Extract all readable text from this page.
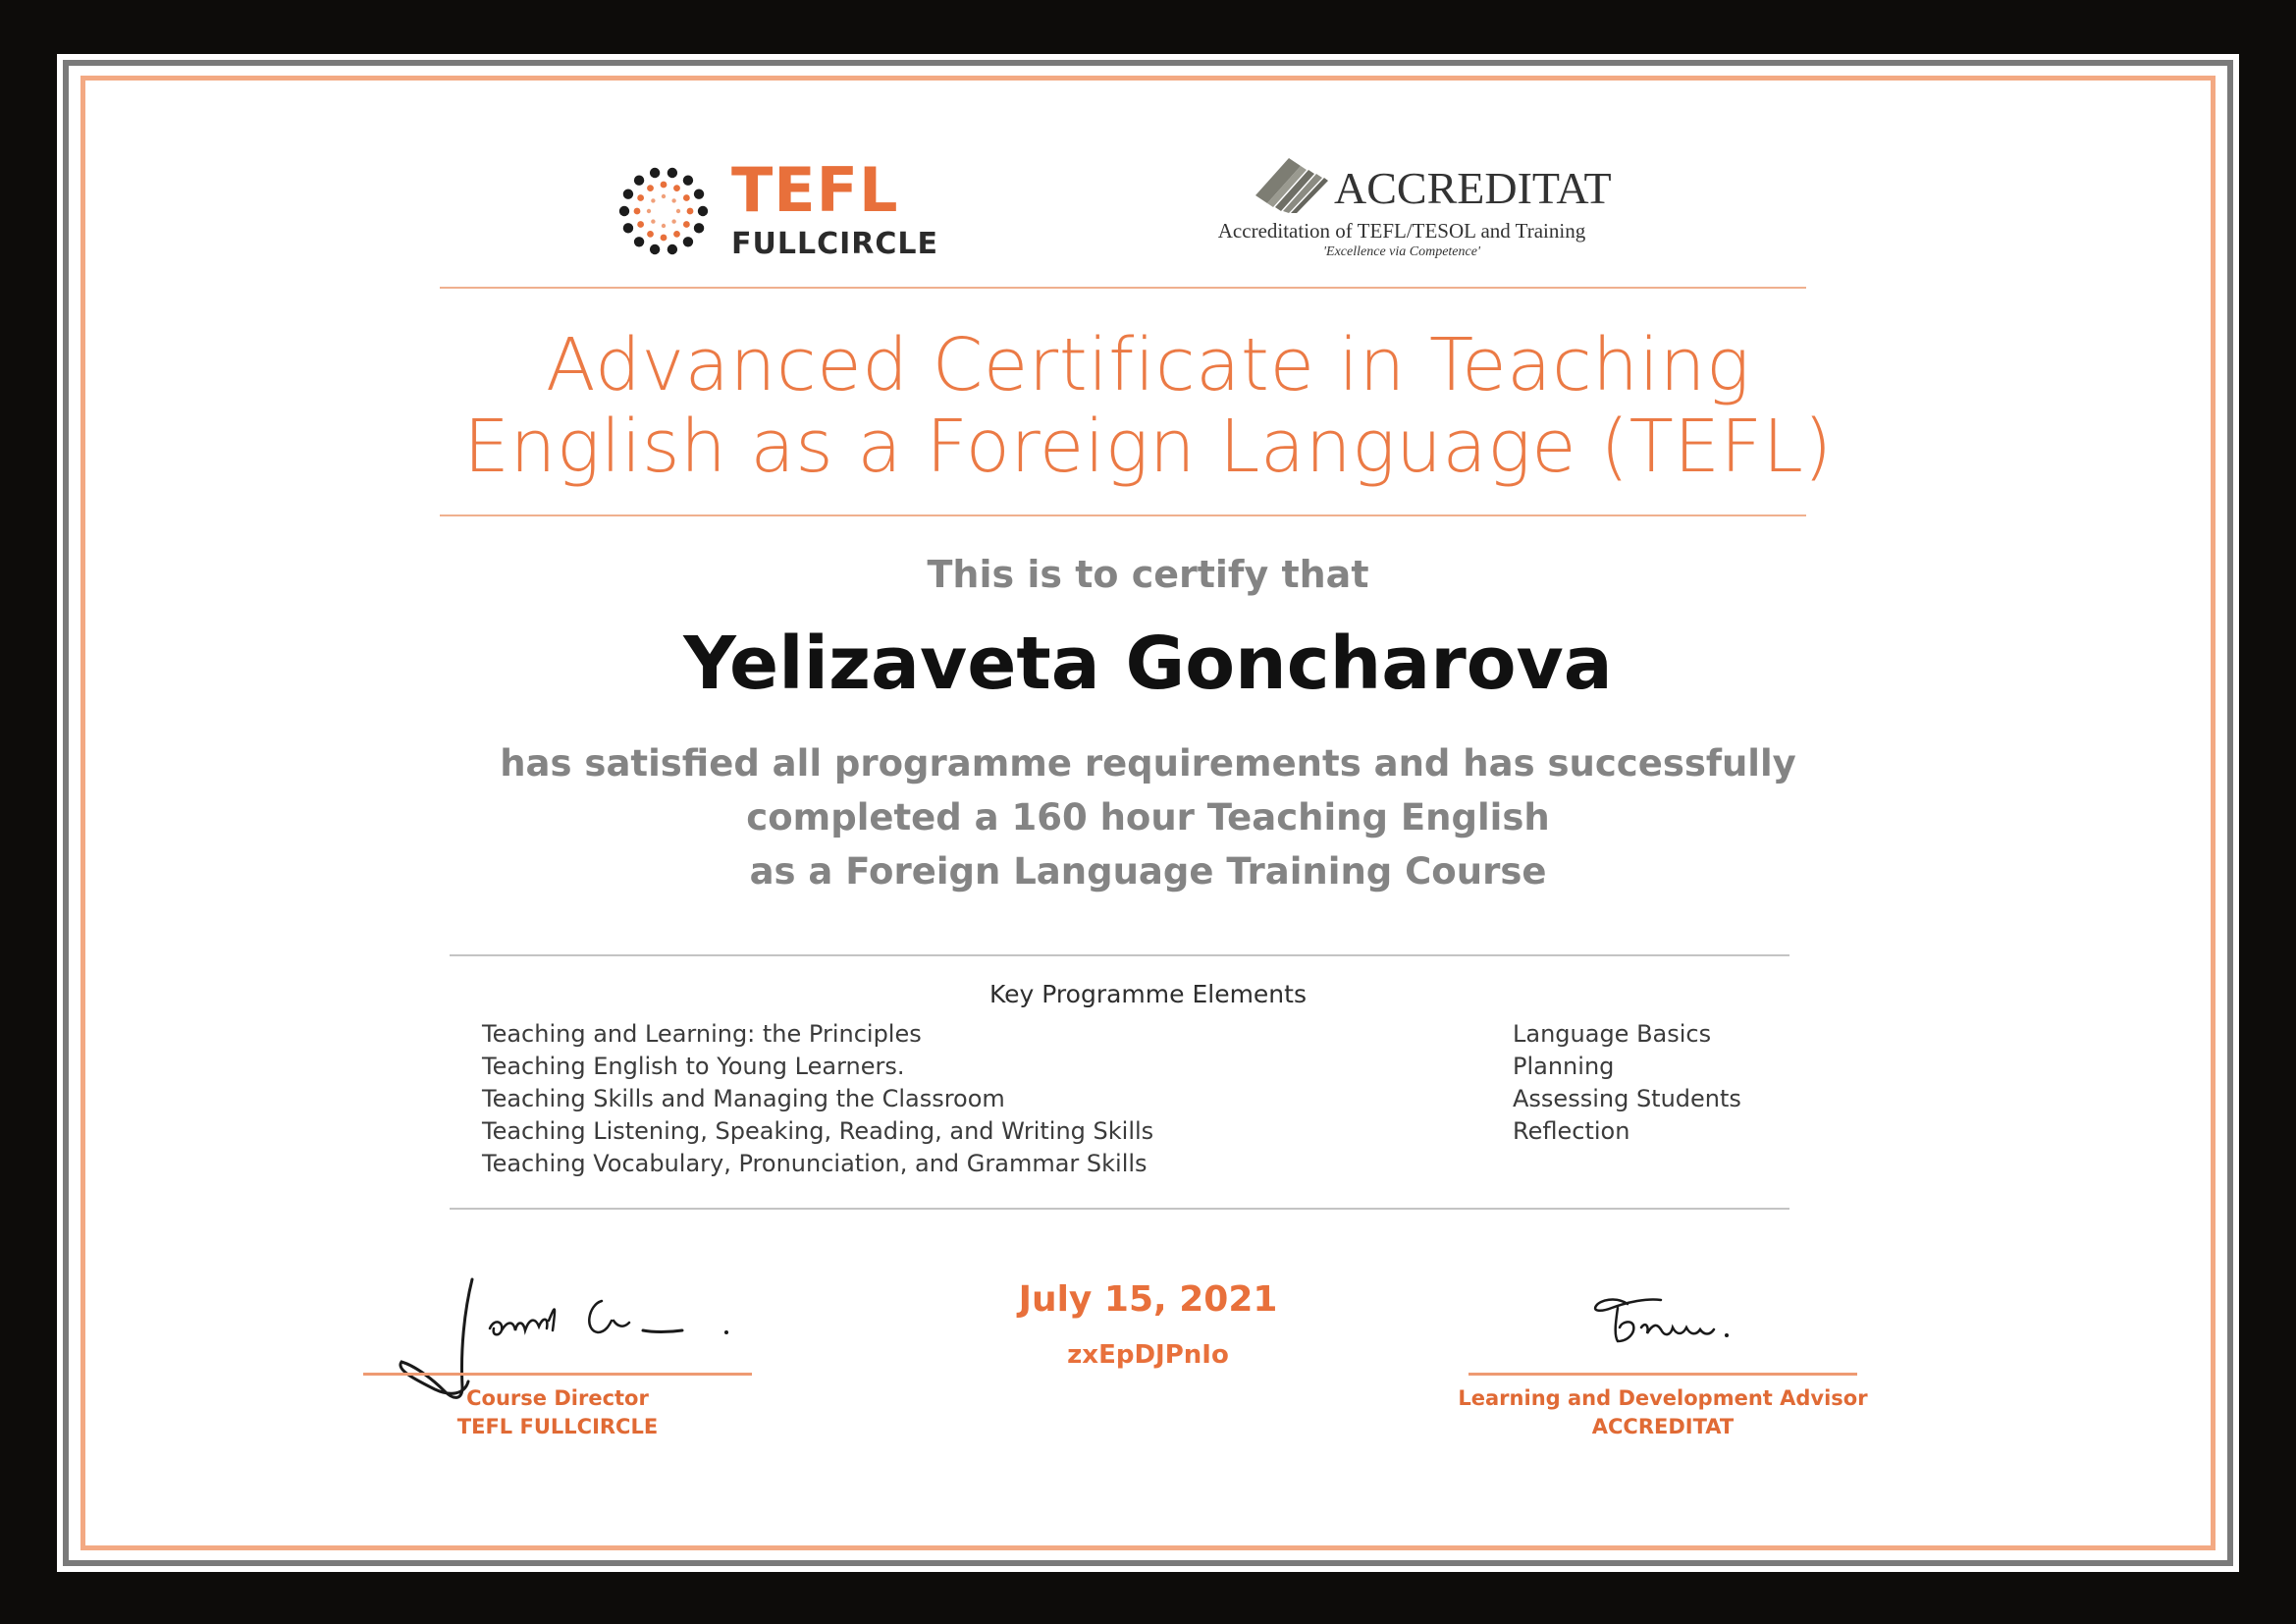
TEFL
FULLCIRCLE
ACCREDITAT
Accreditation of TEFL/TESOL and Training
'Excellence via Competence'
Advanced Certificate in Teaching
English as a Foreign Language (TEFL)
This is to certify that
Yelizaveta Goncharova
has satisfied all programme requirements and has successfully
completed a 160 hour Teaching English
as a Foreign Language Training Course
Key Programme Elements
Teaching and Learning: the Principles
Teaching English to Young Learners.
Teaching Skills and Managing the Classroom
Teaching Listening, Speaking, Reading, and Writing Skills
Teaching Vocabulary, Pronunciation, and Grammar Skills
Language Basics
Planning
Assessing Students
Reflection
Course Director
TEFL FULLCIRCLE
July 15, 2021
zxEpDJPnIo
Learning and Development Advisor
ACCREDITAT
